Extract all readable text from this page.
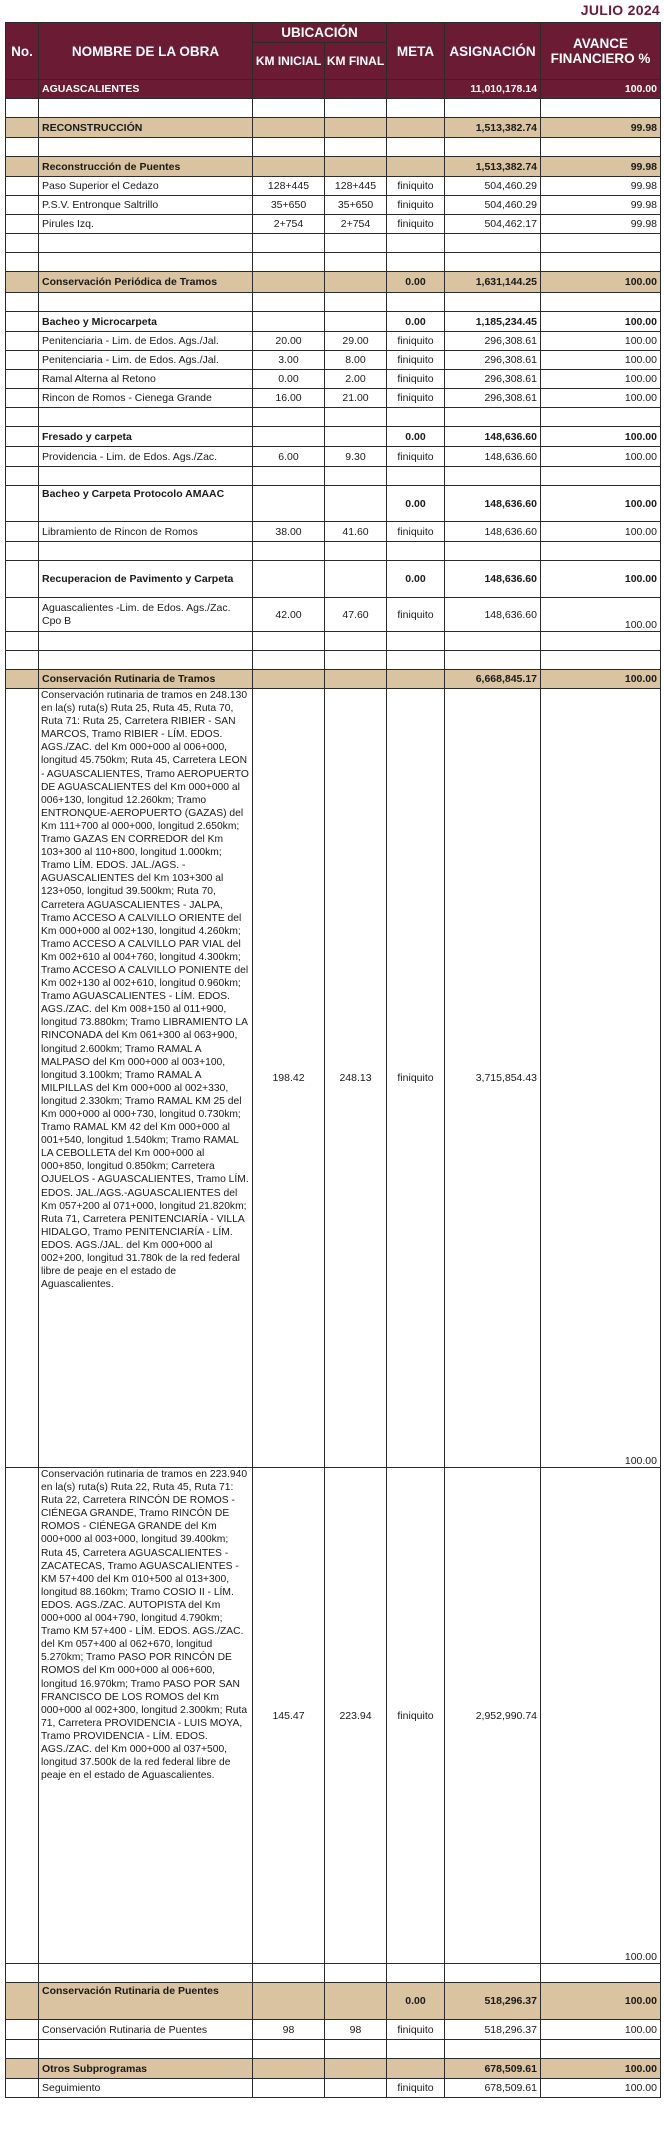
JULIO 2024
No.	NOMBRE DE LA OBRA	UBICACIÓN		META	ASIGNACIÓN	AVANCE FINANCIERO %
		KM INICIAL	KM FINAL			
	AGUASCALIENTES				11,010,178.14	100.00

	RECONSTRUCCIÓN				1,513,382.74	99.98

	Reconstrucción de Puentes				1,513,382.74	99.98
	Paso Superior el Cedazo	128+445	128+445	finiquito	504,460.29	99.98
	P.S.V. Entronque Saltrillo	35+650	35+650	finiquito	504,460.29	99.98
	Pirules Izq.	2+754	2+754	finiquito	504,462.17	99.98

	Conservación Periódica de Tramos			0.00	1,631,144.25	100.00

	Bacheo y Microcarpeta			0.00	1,185,234.45	100.00
	Penitenciaria - Lim. de Edos. Ags./Jal.	20.00	29.00	finiquito	296,308.61	100.00
	Penitenciaria - Lim. de Edos. Ags./Jal.	3.00	8.00	finiquito	296,308.61	100.00
	Ramal Alterna al Retono	0.00	2.00	finiquito	296,308.61	100.00
	Rincon de Romos - Cienega Grande	16.00	21.00	finiquito	296,308.61	100.00

	Fresado y carpeta			0.00	148,636.60	100.00
	Providencia - Lim. de Edos. Ags./Zac.	6.00	9.30	finiquito	148,636.60	100.00

	Bacheo y Carpeta Protocolo AMAAC			0.00	148,636.60	100.00
	Libramiento de Rincon de Romos	38.00	41.60	finiquito	148,636.60	100.00

	Recuperacion de Pavimento y Carpeta			0.00	148,636.60	100.00
	Aguascalientes -Lim. de Edos. Ags./Zac. Cpo B	42.00	47.60	finiquito	148,636.60	100.00

	Conservación Rutinaria de Tramos				6,668,845.17	100.00
	Conservación rutinaria de tramos en 248.130 en la(s) ruta(s) Ruta 25, Ruta 45, Ruta 70, Ruta 71: Ruta 25, Carretera RIBIER - SAN MARCOS, Tramo RIBIER - LÍM. EDOS. AGS./ZAC. del Km 000+000 al 006+000, longitud 45.750km; Ruta 45, Carretera LEON - AGUASCALIENTES, Tramo AEROPUERTO DE AGUASCALIENTES del Km 000+000 al 006+130, longitud 12.260km; Tramo ENTRONQUE-AEROPUERTO (GAZAS) del Km 111+700 al 000+000, longitud 2.650km; Tramo GAZAS EN CORREDOR del Km 103+300 al 110+800, longitud 1.000km; Tramo LÍM. EDOS. JAL./AGS. - AGUASCALIENTES del Km 103+300 al 123+050, longitud 39.500km; Ruta 70, Carretera AGUASCALIENTES - JALPA, Tramo ACCESO A CALVILLO ORIENTE del Km 000+000 al 002+130, longitud 4.260km; Tramo ACCESO A CALVILLO PAR VIAL del Km 002+610 al 004+760, longitud 4.300km; Tramo ACCESO A CALVILLO PONIENTE del Km 002+130 al 002+610, longitud 0.960km; Tramo AGUASCALIENTES - LÍM. EDOS. AGS./ZAC. del Km 008+150 al 011+900, longitud 73.880km; Tramo LIBRAMIENTO LA RINCONADA del Km 061+300 al 063+900, longitud 2.600km; Tramo RAMAL A MALPASO del Km 000+000 al 003+100, longitud 3.100km; Tramo RAMAL A MILPILLAS del Km 000+000 al 002+330, longitud 2.330km; Tramo RAMAL KM 25 del Km 000+000 al 000+730, longitud 0.730km; Tramo RAMAL KM 42 del Km 000+000 al 001+540, longitud 1.540km; Tramo RAMAL LA CEBOLLETA del Km 000+000 al 000+850, longitud 0.850km; Carretera OJUELOS - AGUASCALIENTES, Tramo LÍM. EDOS. JAL./AGS.-AGUASCALIENTES del Km 057+200 al 071+000, longitud 21.820km; Ruta 71, Carretera PENITENCIARÍA - VILLA HIDALGO, Tramo PENITENCIARÍA - LÍM. EDOS. AGS./JAL. del Km 000+000 al 002+200, longitud 31.780k de la red federal libre de peaje en el estado de Aguascalientes.	198.42	248.13	finiquito	3,715,854.43	100.00
	Conservación rutinaria de tramos en 223.940 en la(s) ruta(s) Ruta 22, Ruta 45, Ruta 71: Ruta 22, Carretera RINCÓN DE ROMOS - CIÉNEGA GRANDE, Tramo RINCÓN DE ROMOS - CIÉNEGA GRANDE del Km 000+000 al 003+000, longitud 39.400km; Ruta 45, Carretera AGUASCALIENTES - ZACATECAS, Tramo AGUASCALIENTES - KM 57+400 del Km 010+500 al 013+300, longitud 88.160km; Tramo COSIO II - LÍM. EDOS. AGS./ZAC. AUTOPISTA del Km 000+000 al 004+790, longitud 4.790km; Tramo KM 57+400 - LÍM. EDOS. AGS./ZAC. del Km 057+400 al 062+670, longitud 5.270km; Tramo PASO POR RINCÓN DE ROMOS del Km 000+000 al 006+600, longitud 16.970km; Tramo PASO POR SAN FRANCISCO DE LOS ROMOS del Km 000+000 al 002+300, longitud 2.300km; Ruta 71, Carretera PROVIDENCIA - LUIS MOYA, Tramo PROVIDENCIA - LÍM. EDOS. AGS./ZAC. del Km 000+000 al 037+500, longitud 37.500k de la red federal libre de peaje en el estado de Aguascalientes.	145.47	223.94	finiquito	2,952,990.74	100.00

	Conservación Rutinaria de Puentes			0.00	518,296.37	100.00
	Conservación Rutinaria de Puentes	98	98	finiquito	518,296.37	100.00

	Otros Subprogramas				678,509.61	100.00
	Seguimiento			finiquito	678,509.61	100.00
